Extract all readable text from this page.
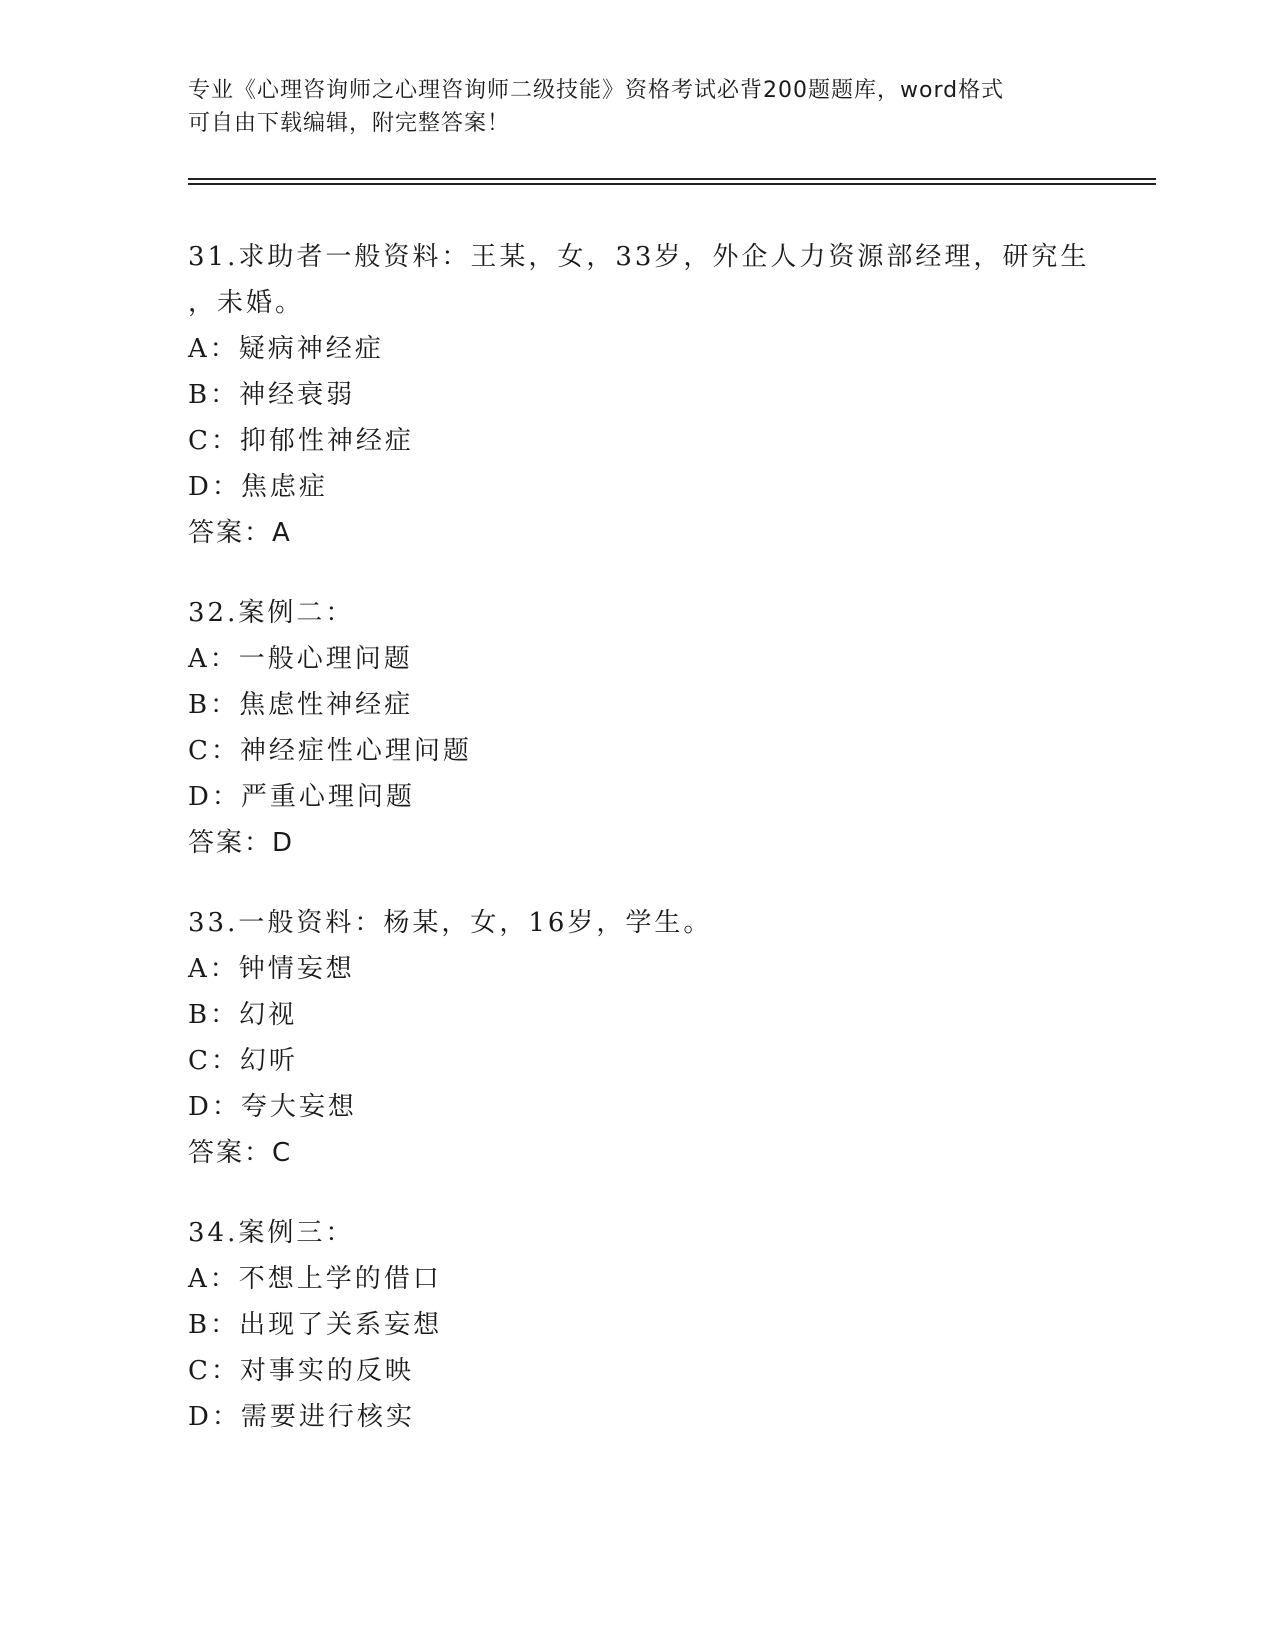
专业《心理咨询师之心理咨询师二级技能》资格考试必背200题题库，word格式
可自由下载编辑，附完整答案！
31.求助者一般资料：王某，女，33岁，外企人力资源部经理，研究生
，未婚。
A：疑病神经症
B：神经衰弱
C：抑郁性神经症
D：焦虑症
答案：A
32.案例二：
A：一般心理问题
B：焦虑性神经症
C：神经症性心理问题
D：严重心理问题
答案：D
33.一般资料：杨某，女，16岁，学生。
A：钟情妄想
B：幻视
C：幻听
D：夸大妄想
答案：C
34.案例三：
A：不想上学的借口
B：出现了关系妄想
C：对事实的反映
D：需要进行核实
